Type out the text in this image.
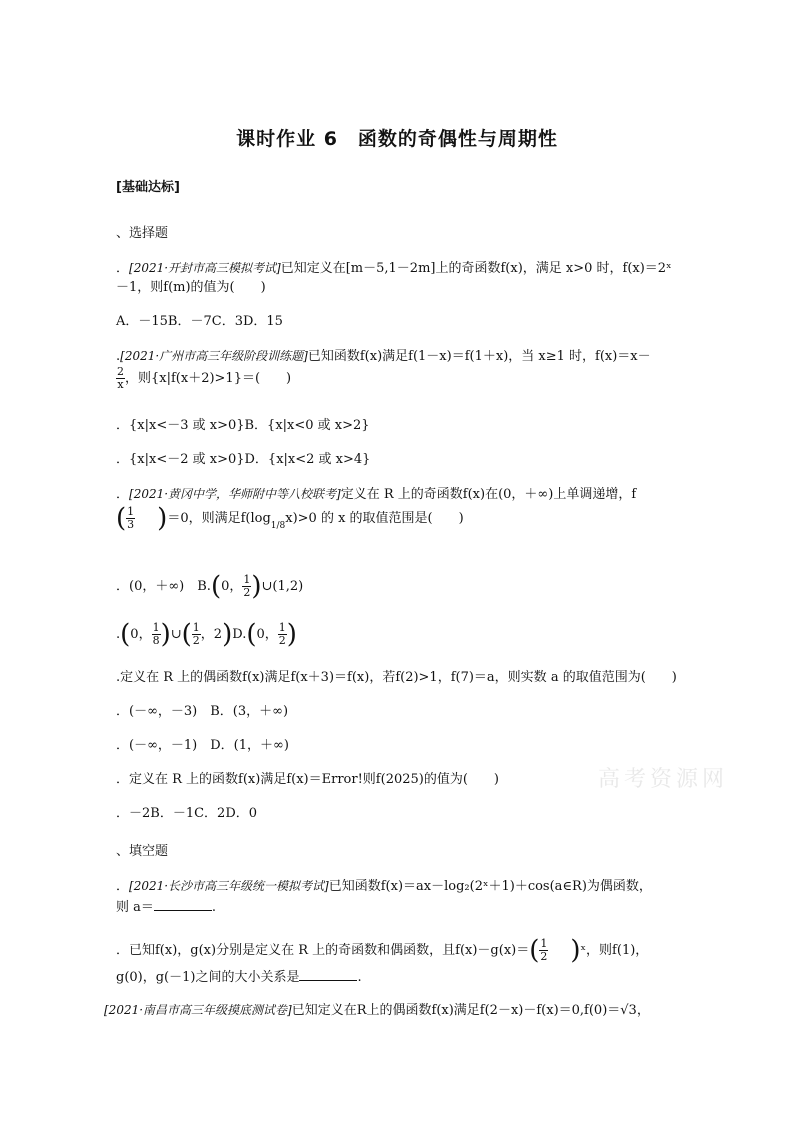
课时作业 6　函数的奇偶性与周期性
[基础达标]
、选择题
．[2021·开封市高三模拟考试]已知定义在[m－5,1－2m]上的奇函数f(x)，满足 x>0 时，f(x)＝2ˣ
－1，则f(m)的值为(　　)
A．－15B．－7C．3D．15
.[2021·广州市高三年级阶段训练题]已知函数f(x)满足f(1－x)＝f(1＋x)，当 x≥1 时，f(x)＝x－
$\frac{2}{x}$ ，则{x|f(x＋2)>1}＝(　　)
．{x|x<－3 或 x>0}B．{x|x<0 或 x>2}
．{x|x<－2 或 x>0}D．{x|x<2 或 x>4}
．[2021·黄冈中学，华师附中等八校联考]定义在 R 上的奇函数f(x)在(0，＋∞)上单调递增，f
( $\frac{1}{3} )=0$，则满足$f(\log_{1/8}x)>0$ 的 x 的取值范围是(　　)
．(0，＋∞)　B.(0， $\frac{1}{2}$ )∪(1,2)
.(0， $\frac{1}{8}$ )∪( $\frac{1}{2}$ ，2)D.(0， $\frac{1}{2}$ )
.定义在 R 上的偶函数f(x)满足f(x＋3)＝f(x)，若f(2)>1，f(7)＝a，则实数 a 的取值范围为(　　)
．(－∞，－3)　B．(3，＋∞)
．(－∞，－1)　D．(1，＋∞)
．定义在 R 上的函数f(x)满足f(x)＝Error!则f(2025)的值为(　　)
．－2B．－1C．2D．0
、填空题
．[2021·长沙市高三年级统一模拟考试]已知函数f(x)＝ax－log₂(2ˣ＋1)＋cos(a∈R)为偶函数，
则 a＝	.
．已知f(x)，g(x)分别是定义在 R 上的奇函数和偶函数，且$f(x)-g(x)=( \frac{1}{2}$ )ˣ，则f(1)，
g(0)，g(－1)之间的大小关系是	.
[2021·南昌市高三年级摸底测试卷]已知定义在R上的偶函数f(x)满足f(2－x)－f(x)＝0,f(0)＝√3，
高考资源网
